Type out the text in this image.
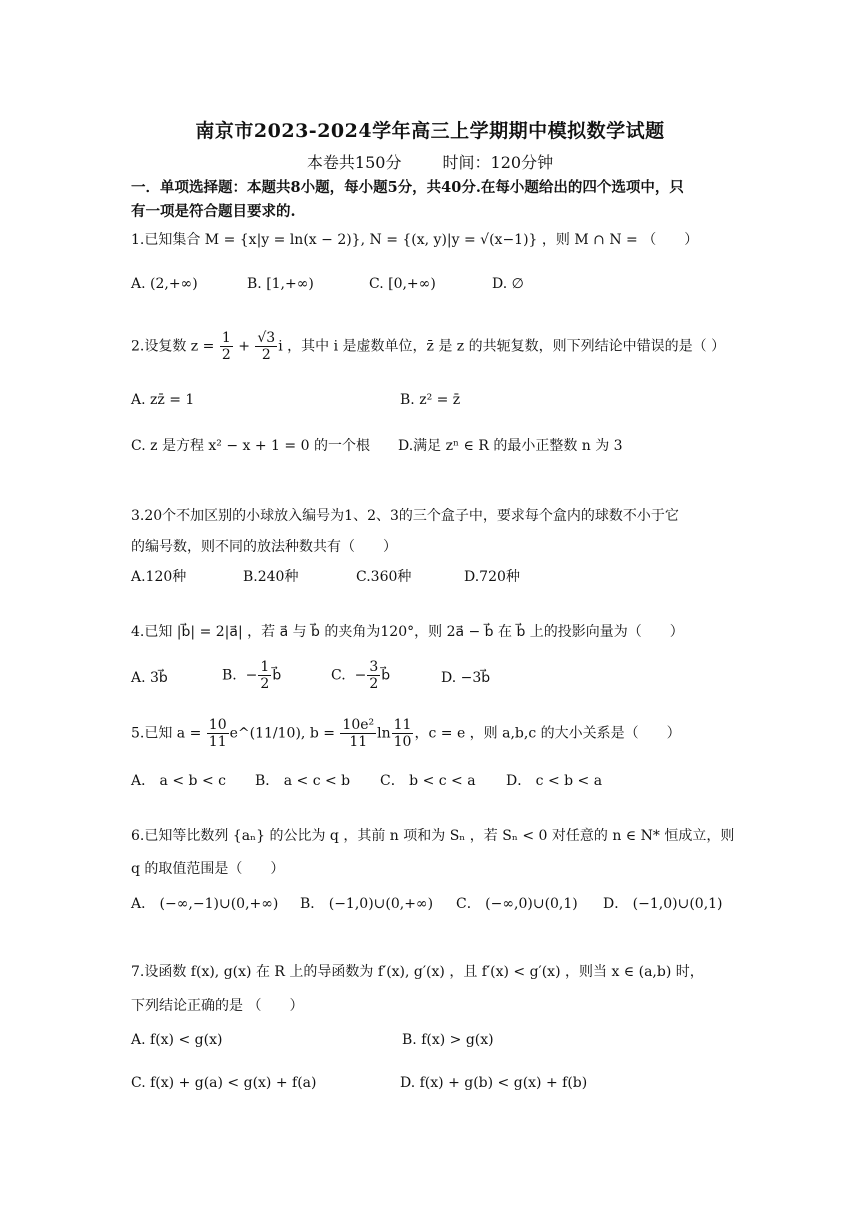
南京市2023-2024学年高三上学期期中模拟数学试题
本卷共150分	时间：120分钟
一．单项选择题：本题共8小题，每小题5分，共40分.在每小题给出的四个选项中，只
有一项是符合题目要求的.
1.已知集合 M = {x|y = ln(x − 2)}, N = {(x, y)|y = √(x−1)} ，则 M ∩ N = （　　）
A. (2,+∞)	B. [1,+∞)	C. [0,+∞)	D. ∅
2.设复数 $z = \frac{1}{2} + \frac{√3}{2}$ i ，其中 i 是虚数单位，z̄ 是 z 的共轭复数，则下列结论中错误的是（ ）
A. zz̄ = 1	B. z² = z̄
C. z 是方程 x² − x + 1 = 0 的一个根 D.满足 zⁿ ∈ R 的最小正整数 n 为 3
3.20个不加区别的小球放入编号为1、2、3的三个盒子中，要求每个盒内的球数不小于它
的编号数，则不同的放法种数共有（　　）
A.120种	B.240种	C.360种	D.720种
4.已知 |b⃗| = 2|a⃗| ，若 a⃗ 与 b⃗ 的夹角为120°，则 2a⃗ − b⃗ 在 b⃗ 上的投影向量为（　　）
A. 3b⃗	B.  − $\frac{1}{2}$ b⃗	C.  − $\frac{3}{2}$ b⃗	D. −3b⃗
5.已知 $a = \frac{10}{11}$ e^(11/10), $b = \frac{\text{10e²}}{11}$ $\ln \frac{11}{10}$ ，c = e ，则 a,b,c 的大小关系是（　　）
A． a < b < c B． a < c < b C． b < c < a D． c < b < a
6.已知等比数列 {aₙ} 的公比为 q ，其前 n 项和为 Sₙ ，若 Sₙ < 0 对任意的 n ∈ N* 恒成立，则
q 的取值范围是（　　）
A． (−∞,−1)∪(0,+∞) B． (−1,0)∪(0,+∞) C． (−∞,0)∪(0,1) D． (−1,0)∪(0,1)
7.设函数 f(x), g(x) 在 R 上的导函数为 f′(x), g′(x) ，且 f′(x) < g′(x) ，则当 x ∈ (a,b) 时，
下列结论正确的是 （　　）
A. f(x) < g(x)	B. f(x) > g(x)
C. f(x) + g(a) < g(x) + f(a)	D. f(x) + g(b) < g(x) + f(b)
